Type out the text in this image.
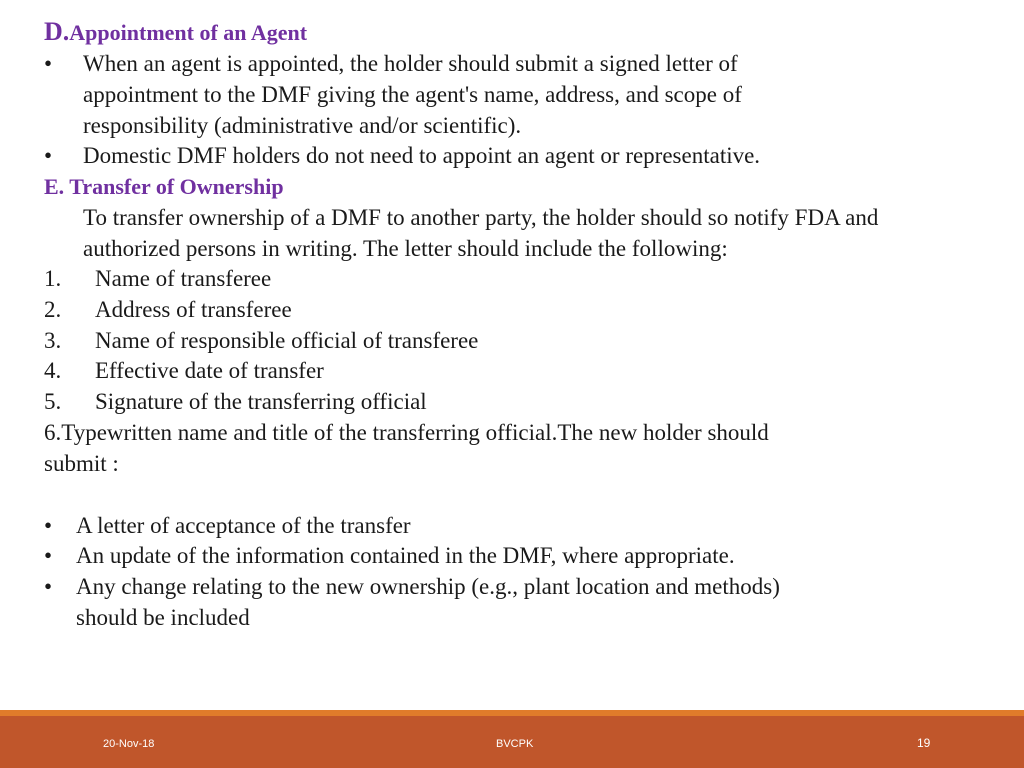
D.Appointment of an Agent
• When an agent is appointed, the holder should submit a signed letter of
appointment to the DMF giving the agent's name, address, and scope of
responsibility (administrative and/or scientific).
• Domestic DMF holders do not need to appoint an agent or representative.
E. Transfer of Ownership
To transfer ownership of a DMF to another party, the holder should so notify FDA and
authorized persons in writing. The letter should include the following:
1. Name of transferee
2. Address of transferee
3. Name of responsible official of transferee
4. Effective date of transfer
5. Signature of the transferring official
6.Typewritten name and title of the transferring official.The new holder should
submit :
• A letter of acceptance of the transfer
• An update of the information contained in the DMF, where appropriate.
• Any change relating to the new ownership (e.g., plant location and methods)
should be included
20-Nov-18	BVCPK	19
